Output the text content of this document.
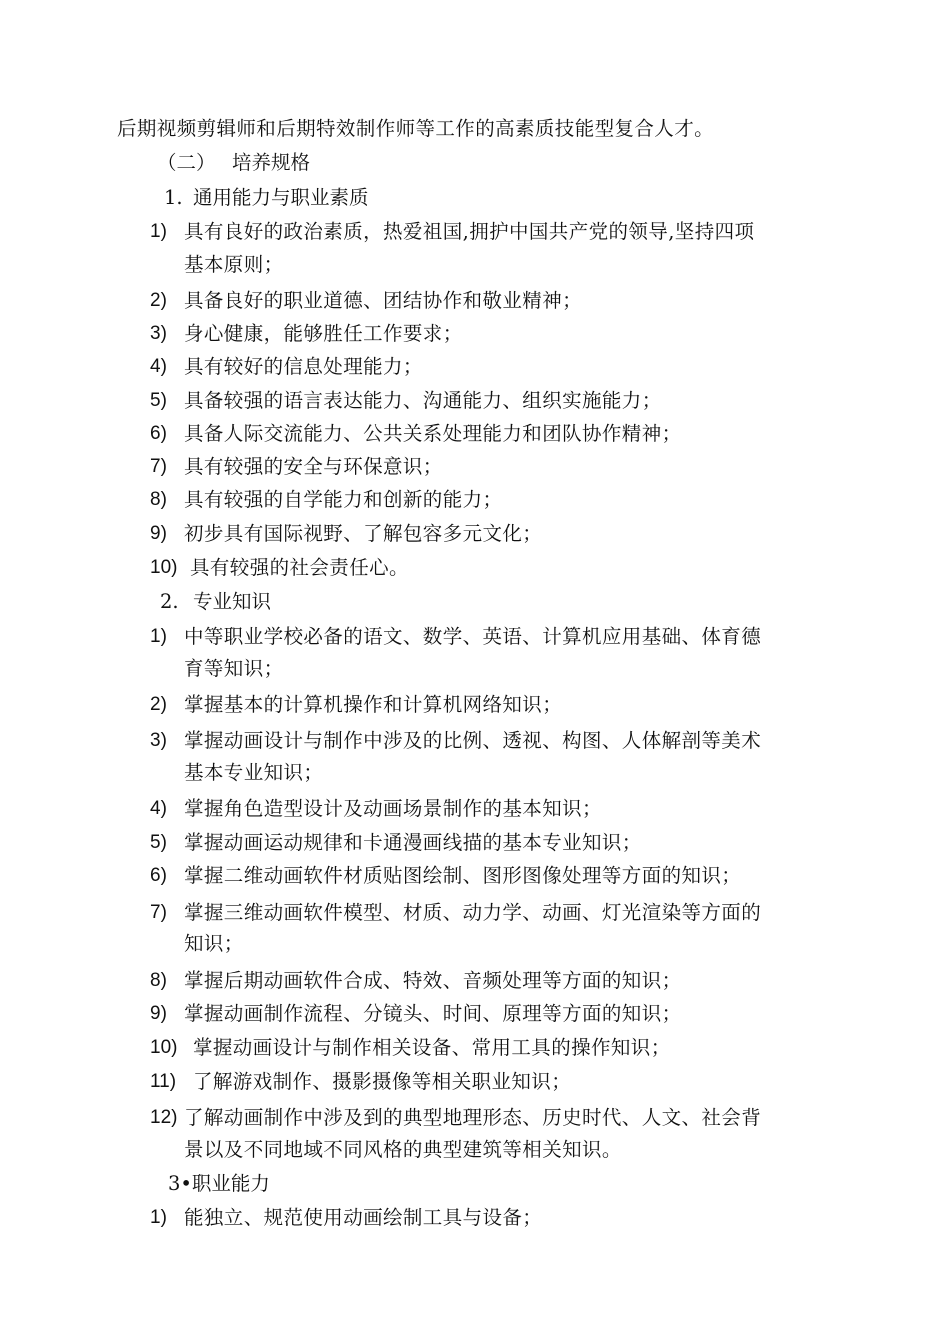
后期视频剪辑师和后期特效制作师等工作的高素质技能型复合人才。
（二） 培养规格
1. 通用能力与职业素质
1) 具有良好的政治素质，热爱祖国,拥护中国共产党的领导,坚持四项
基本原则；
2) 具备良好的职业道德、团结协作和敬业精神；
3) 身心健康，能够胜任工作要求；
4) 具有较好的信息处理能力；
5) 具备较强的语言表达能力、沟通能力、组织实施能力；
6) 具备人际交流能力、公共关系处理能力和团队协作精神；
7) 具有较强的安全与环保意识；
8) 具有较强的自学能力和创新的能力；
9) 初步具有国际视野、了解包容多元文化；
10) 具有较强的社会责任心。
2. 专业知识
1) 中等职业学校必备的语文、数学、英语、计算机应用基础、体育德
育等知识；
2) 掌握基本的计算机操作和计算机网络知识；
3) 掌握动画设计与制作中涉及的比例、透视、构图、人体解剖等美术
基本专业知识；
4) 掌握角色造型设计及动画场景制作的基本知识；
5) 掌握动画运动规律和卡通漫画线描的基本专业知识；
6) 掌握二维动画软件材质贴图绘制、图形图像处理等方面的知识；
7) 掌握三维动画软件模型、材质、动力学、动画、灯光渲染等方面的
知识；
8) 掌握后期动画软件合成、特效、音频处理等方面的知识；
9) 掌握动画制作流程、分镜头、时间、原理等方面的知识；
10) 掌握动画设计与制作相关设备、常用工具的操作知识；
11) 了解游戏制作、摄影摄像等相关职业知识；
12) 了解动画制作中涉及到的典型地理形态、历史时代、人文、社会背
景以及不同地域不同风格的典型建筑等相关知识。
3•职业能力
1) 能独立、规范使用动画绘制工具与设备；
